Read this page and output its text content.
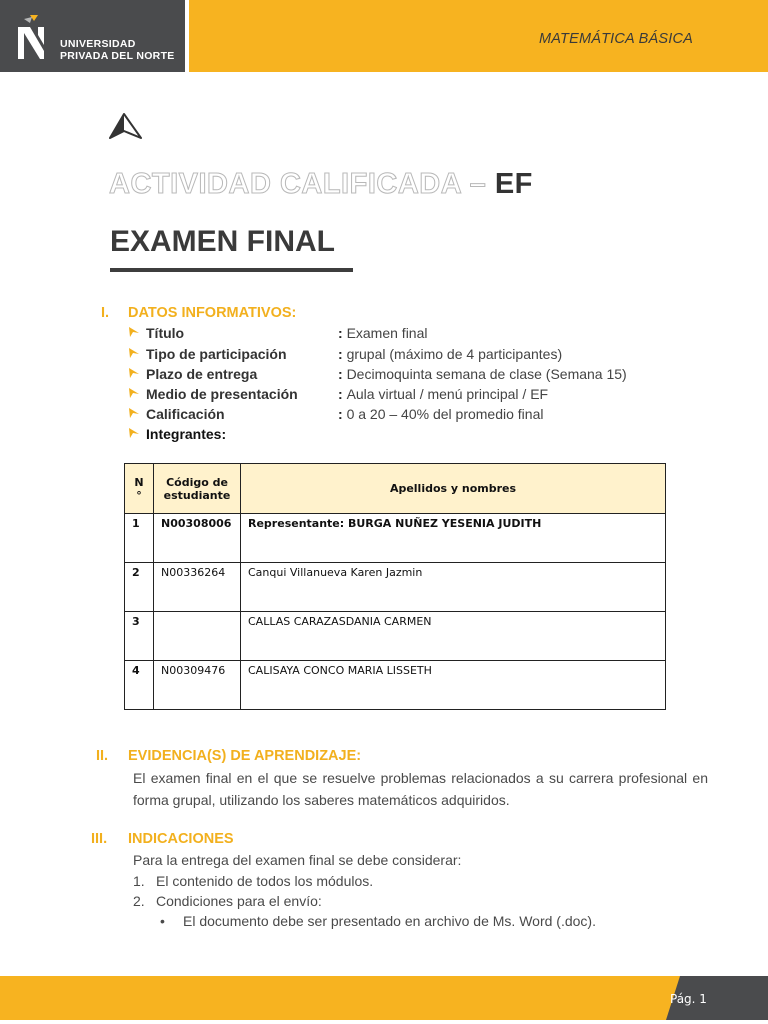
UNIVERSIDAD
PRIVADA DEL NORTE
MATEMÁTICA BÁSICA
ACTIVIDAD CALIFICADA – EF
EXAMEN FINAL
I. DATOS INFORMATIVOS:
Título	: Examen final
Tipo de participación	: grupal (máximo de 4 participantes)
Plazo de entrega	: Decimoquinta semana de clase (Semana 15)
Medio de presentación	: Aula virtual / menú principal / EF
Calificación	: 0 a 20 – 40% del promedio final
Integrantes:
N
°	Código de estudiante	Apellidos y nombres

1	N00308006	Representante: BURGA NUÑEZ YESENIA JUDITH

2	N00336264	Canqui Villanueva Karen Jazmin

3		CALLAS CARAZASDANIA CARMEN

4	N00309476	CALISAYA CONCO MARIA LISSETH
II. EVIDENCIA(S) DE APRENDIZAJE:
El examen final en el que se resuelve problemas relacionados a su carrera profesional en forma grupal, utilizando los saberes matemáticos adquiridos.
III. INDICACIONES
Para la entrega del examen final se debe considerar:
1. El contenido de todos los módulos.
2. Condiciones para el envío:
• El documento debe ser presentado en archivo de Ms. Word (.doc).
Pág. 1
